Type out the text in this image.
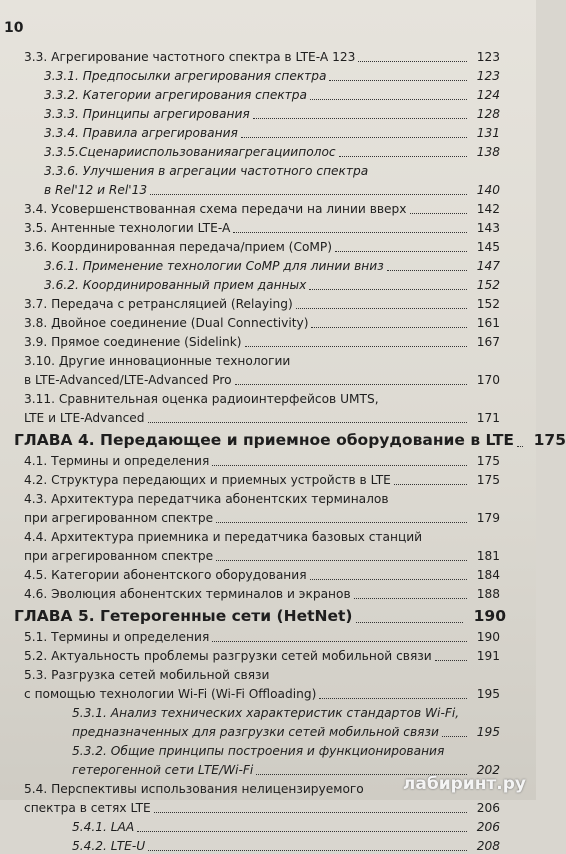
10
3.3. Агрегирование частотного спектра в LTE-A 123	123
3.3.1. Предпосылки агрегирования спектра	123
3.3.2. Категории агрегирования спектра	124
3.3.3. Принципы агрегирования	128
3.3.4. Правила агрегирования	131
3.3.5.Сценарииспользованияагрегацииполос	138
3.3.6. Улучшения в агрегации частотного спектра
в Rel'12 и Rel'13	140
3.4. Усовершенствованная схема передачи на линии вверх	142
3.5. Антенные технологии LTE-A	143
3.6. Координированная передача/прием (CoMP)	145
3.6.1. Применение технологии CoMP для линии вниз	147
3.6.2. Координированный прием данных	152
3.7. Передача с ретрансляцией (Relaying)	152
3.8. Двойное соединение (Dual Connectivity)	161
3.9. Прямое соединение (Sidelink)	167
3.10. Другие инновационные технологии
в LTE-Advanced/LTE-Advanced Pro	170
3.11. Сравнительная оценка радиоинтерфейсов UMTS,
LTE и LTE-Advanced	171
ГЛАВА 4. Передающее и приемное оборудование в LTE	175
4.1. Термины и определения	175
4.2. Структура передающих и приемных устройств в LTE	175
4.3. Архитектура передатчика абонентских терминалов
при агрегированном спектре	179
4.4. Архитектура приемника и передатчика базовых станций
при агрегированном спектре	181
4.5. Категории абонентского оборудования	184
4.6. Эволюция абонентских терминалов и экранов	188
ГЛАВА 5. Гетерогенные сети (HetNet)	190
5.1. Термины и определения	190
5.2. Актуальность проблемы разгрузки сетей мобильной связи	191
5.3. Разгрузка сетей мобильной связи
с помощью технологии Wi-Fi (Wi-Fi Offloading)	195
5.3.1. Анализ технических характеристик стандартов Wi-Fi,
предназначенных для разгрузки сетей мобильной связи	195
5.3.2. Общие принципы построения и функционирования
гетерогенной сети LTE/Wi-Fi	202
5.4. Перспективы использования нелицензируемого
спектра в сетях LTE	206
5.4.1. LAA	206
5.4.2. LTE-U	208
лабиринт.ру
